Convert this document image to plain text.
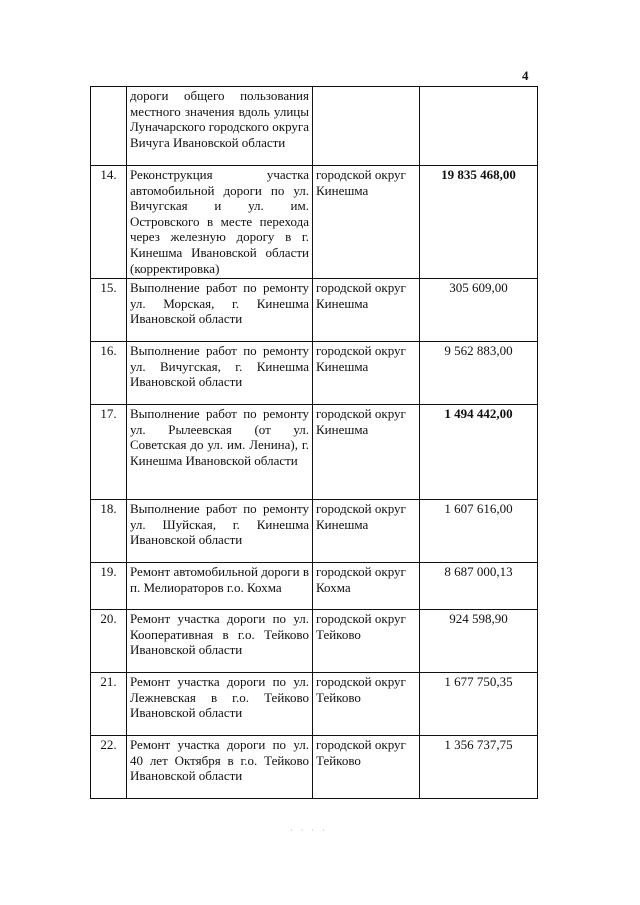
4
	дороги общего пользования местного значения вдоль улицы Луначарского городского округа Вичуга Ивановской области		
14.	Реконструкция участка автомобильной дороги по ул. Вичугская и ул. им. Островского в месте перехода через железную дорогу в г. Кинешма Ивановской области (корректировка)	городской округ Кинешма	19 835 468,00
15.	Выполнение работ по ремонту ул. Морская, г. Кинешма Ивановской области	городской округ Кинешма	305 609,00
16.	Выполнение работ по ремонту ул. Вичугская, г. Кинешма Ивановской области	городской округ Кинешма	9 562 883,00
17.	Выполнение работ по ремонту ул. Рылеевская (от ул. Советская до ул. им. Ленина), г. Кинешма Ивановской области	городской округ Кинешма	1 494 442,00
18.	Выполнение работ по ремонту ул. Шуйская, г. Кинешма Ивановской области	городской округ Кинешма	1 607 616,00
19.	Ремонт автомобильной дороги в п. Мелиораторов г.о. Кохма	городской округ Кохма	8 687 000,13
20.	Ремонт участка дороги по ул. Кооперативная в г.о. Тейково Ивановской области	городской округ Тейково	924 598,90
21.	Ремонт участка дороги по ул. Лежневская в г.о. Тейково Ивановской области	городской округ Тейково	1 677 750,35
22.	Ремонт участка дороги по ул. 40 лет Октября в г.о. Тейково Ивановской области	городской округ Тейково	1 356 737,75
· · · ·
